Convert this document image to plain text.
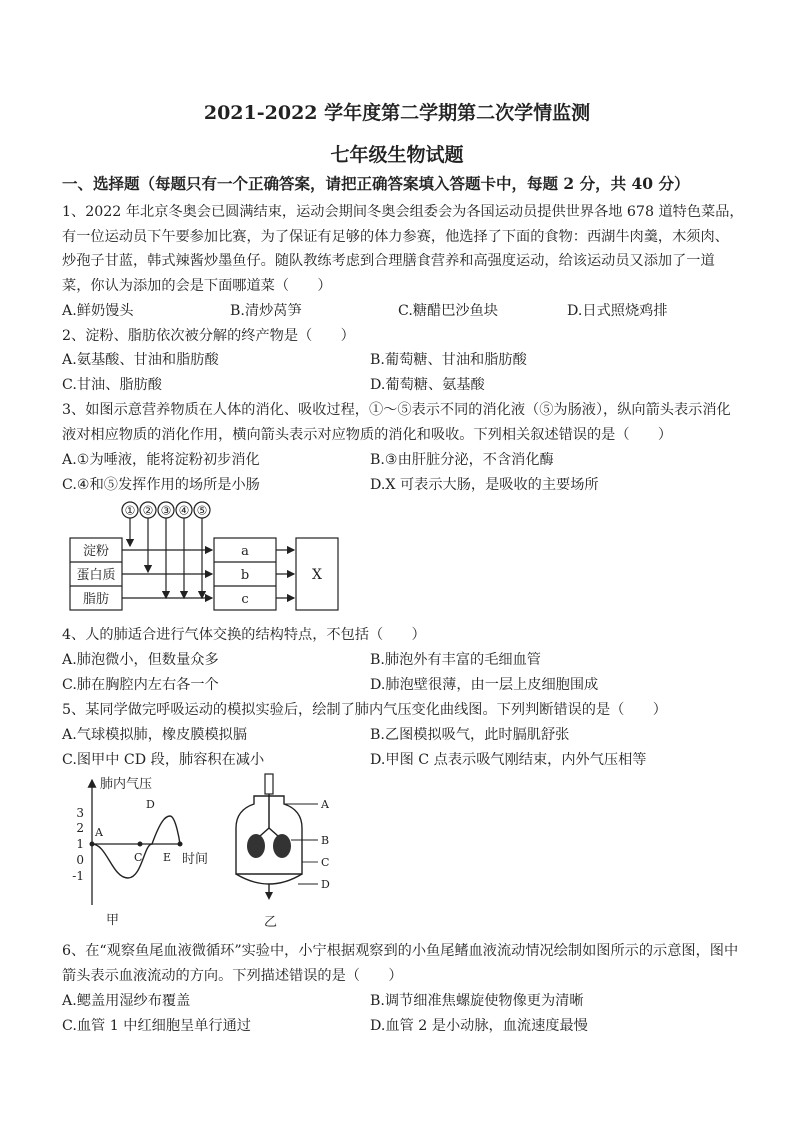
2021-2022 学年度第二学期第二次学情监测
七年级生物试题
一、选择题（每题只有一个正确答案，请把正确答案填入答题卡中，每题 2 分，共 40 分）
1、2022 年北京冬奥会已圆满结束，运动会期间冬奥会组委会为各国运动员提供世界各地 678 道特色菜品，
有一位运动员下午要参加比赛，为了保证有足够的体力参赛，他选择了下面的食物：西湖牛肉羹，木须肉、
炒孢子甘蓝，韩式辣酱炒墨鱼仔。随队教练考虑到合理膳食营养和高强度运动，给该运动员又添加了一道
菜，你认为添加的会是下面哪道菜（　　）
A.鲜奶馒头	B.清炒莴笋	C.糖醋巴沙鱼块	D.日式照烧鸡排
2、淀粉、脂肪依次被分解的终产物是（　　）
A.氨基酸、甘油和脂肪酸	B.葡萄糖、甘油和脂肪酸
C.甘油、脂肪酸	D.葡萄糖、氨基酸
3、如图示意营养物质在人体的消化、吸收过程，①～⑤表示不同的消化液（⑤为肠液），纵向箭头表示消化
液对相应物质的消化作用，横向箭头表示对应物质的消化和吸收。下列相关叙述错误的是（　　）
A.①为唾液，能将淀粉初步消化	B.③由肝脏分泌，不含消化酶
C.④和⑤发挥作用的场所是小肠	D.X 可表示大肠，是吸收的主要场所
① ② ③ ④ ⑤
淀粉
蛋白质
脂肪
a
b
c
X
4、人的肺适合进行气体交换的结构特点，不包括（　　）
A.肺泡微小，但数量众多	B.肺泡外有丰富的毛细血管
C.肺在胸腔内左右各一个	D.肺泡壁很薄，由一层上皮细胞围成
5、某同学做完呼吸运动的模拟实验后，绘制了肺内气压变化曲线图。下列判断错误的是（　　）
A.气球模拟肺，橡皮膜模拟膈	B.乙图模拟吸气，此时膈肌舒张
C.图甲中 CD 段，肺容积在减小	D.甲图 C 点表示吸气刚结束，内外气压相等
肺内气压
时间
3
2
1
0
-1
A
C
D
E
甲
A
B
C
D
乙
6、在“观察鱼尾血液微循环”实验中，小宁根据观察到的小鱼尾鳍血液流动情况绘制如图所示的示意图，图中
箭头表示血液流动的方向。下列描述错误的是（　　）
A.鳃盖用湿纱布覆盖	B.调节细准焦螺旋使物像更为清晰
C.血管 1 中红细胞呈单行通过	D.血管 2 是小动脉，血流速度最慢
